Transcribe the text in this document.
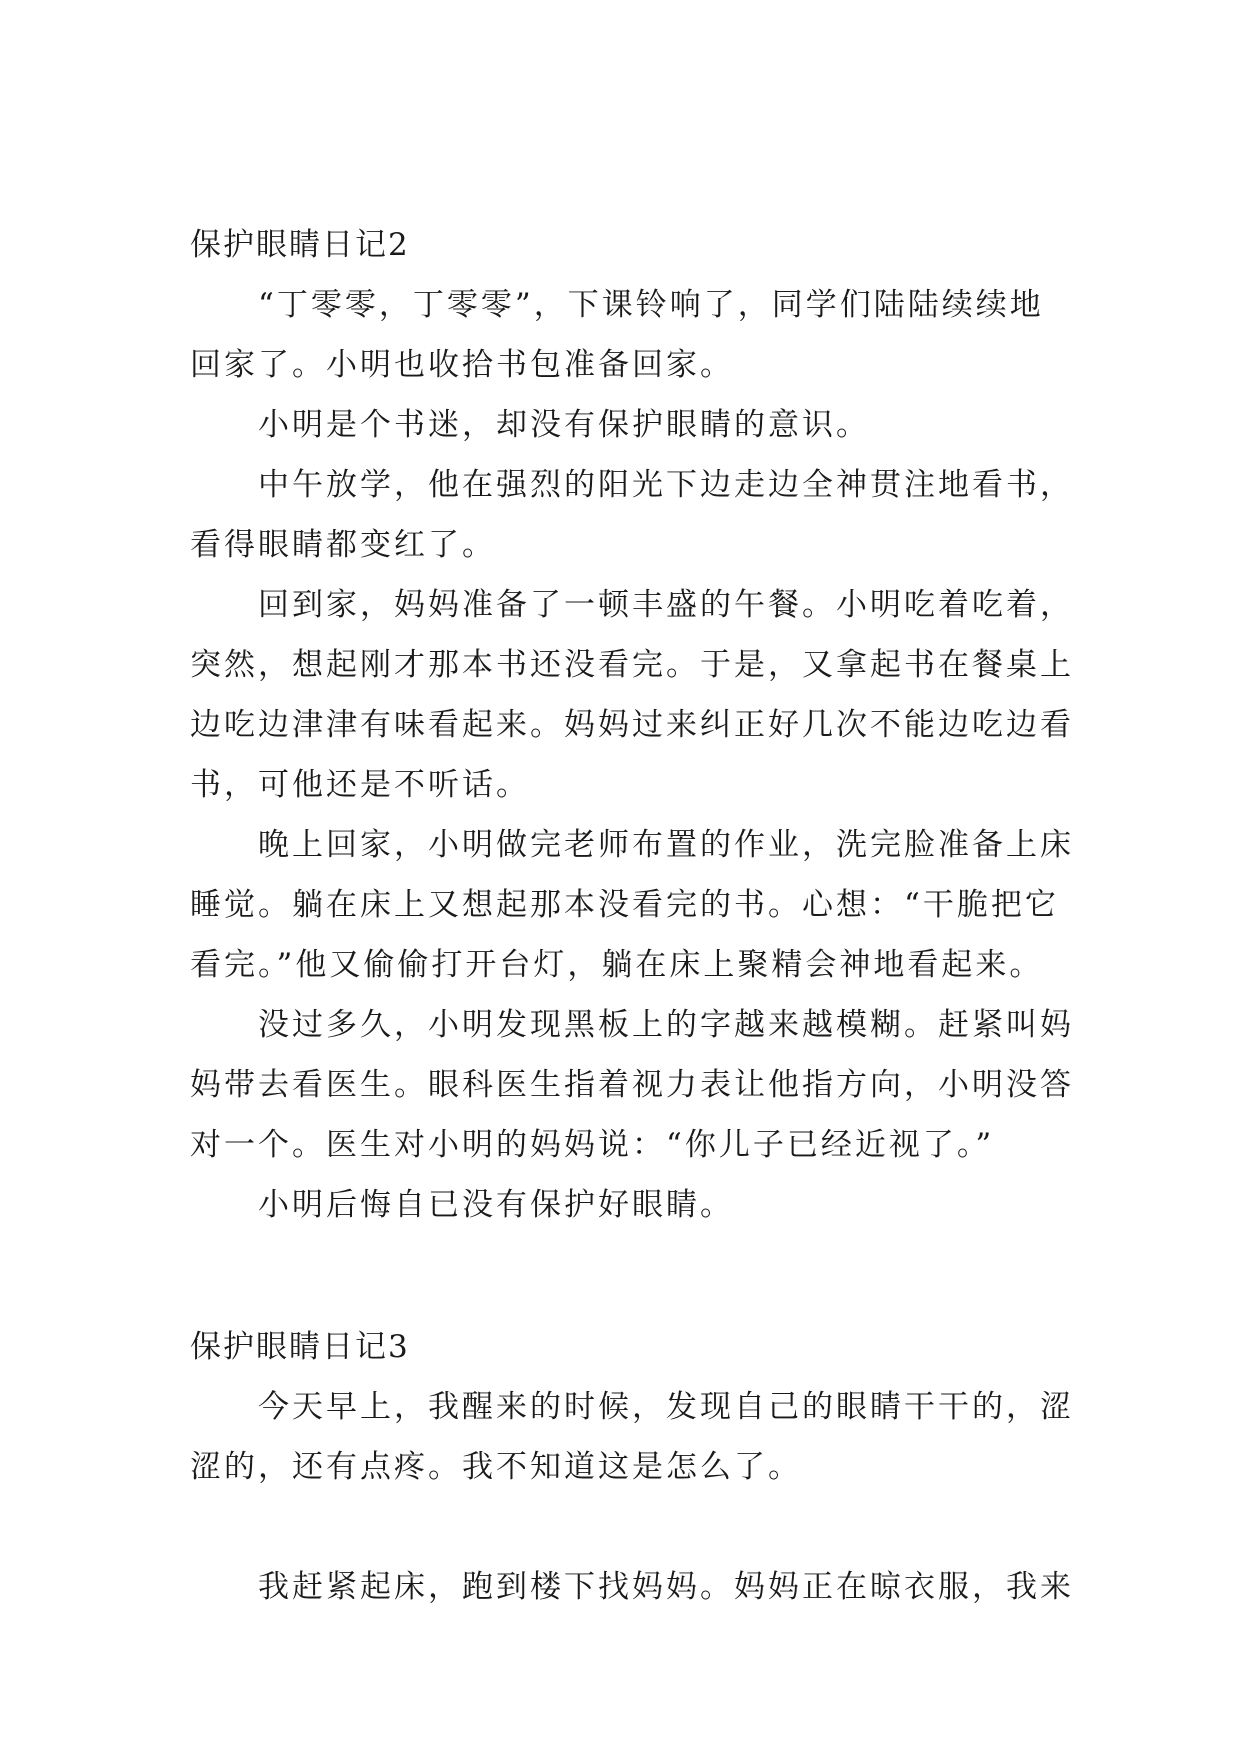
保护眼睛日记2

“丁零零，丁零零”，下课铃响了，同学们陆陆续续地

回家了。小明也收拾书包准备回家。

小明是个书迷，却没有保护眼睛的意识。

中午放学，他在强烈的阳光下边走边全神贯注地看书，

看得眼睛都变红了。

回到家，妈妈准备了一顿丰盛的午餐。小明吃着吃着，

突然，想起刚才那本书还没看完。于是，又拿起书在餐桌上

边吃边津津有味看起来。妈妈过来纠正好几次不能边吃边看

书，可他还是不听话。

晚上回家，小明做完老师布置的作业，洗完脸准备上床

睡觉。躺在床上又想起那本没看完的书。心想：“干脆把它

看完。”他又偷偷打开台灯，躺在床上聚精会神地看起来。

没过多久，小明发现黑板上的字越来越模糊。赶紧叫妈

妈带去看医生。眼科医生指着视力表让他指方向，小明没答

对一个。医生对小明的妈妈说：“你儿子已经近视了。”

小明后悔自已没有保护好眼睛。

保护眼睛日记3

今天早上，我醒来的时候，发现自己的眼睛干干的，涩

涩的，还有点疼。我不知道这是怎么了。

我赶紧起床，跑到楼下找妈妈。妈妈正在晾衣服，我来
